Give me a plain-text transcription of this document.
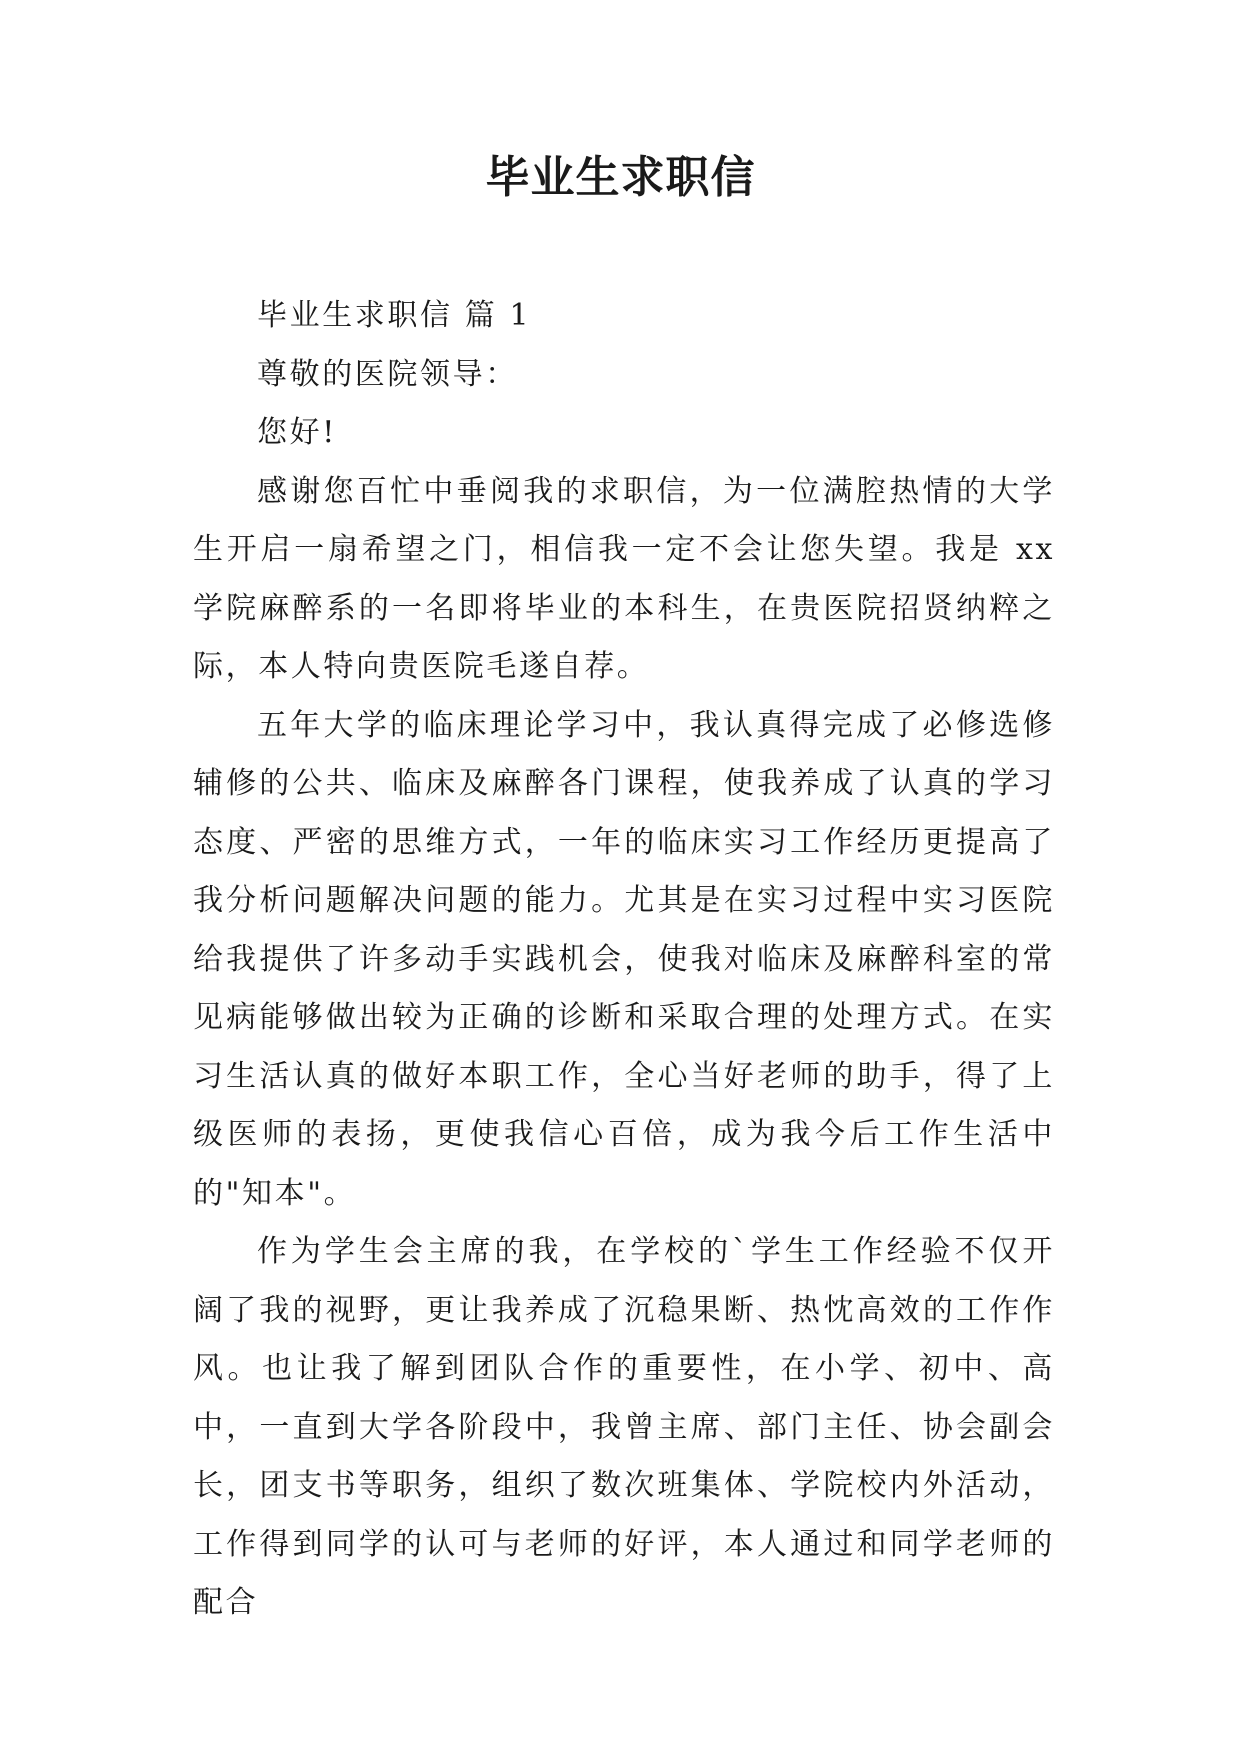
毕业生求职信

毕业生求职信 篇 1

尊敬的医院领导：

您好!

感谢您百忙中垂阅我的求职信，为一位满腔热情的大学生开启一扇希望之门，相信我一定不会让您失望。我是 xx 学院麻醉系的一名即将毕业的本科生，在贵医院招贤纳粹之际，本人特向贵医院毛遂自荐。

五年大学的临床理论学习中，我认真得完成了必修选修辅修的公共、临床及麻醉各门课程，使我养成了认真的学习态度、严密的思维方式，一年的临床实习工作经历更提高了我分析问题解决问题的能力。尤其是在实习过程中实习医院给我提供了许多动手实践机会，使我对临床及麻醉科室的常见病能够做出较为正确的诊断和采取合理的处理方式。在实习生活认真的做好本职工作，全心当好老师的助手，得了上级医师的表扬，更使我信心百倍，成为我今后工作生活中的"知本"。

作为学生会主席的我，在学校的`学生工作经验不仅开阔了我的视野，更让我养成了沉稳果断、热忱高效的工作作风。也让我了解到团队合作的重要性，在小学、初中、高中，一直到大学各阶段中，我曾主席、部门主任、协会副会长，团支书等职务，组织了数次班集体、学院校内外活动，工作得到同学的认可与老师的好评，本人通过和同学老师的配合
